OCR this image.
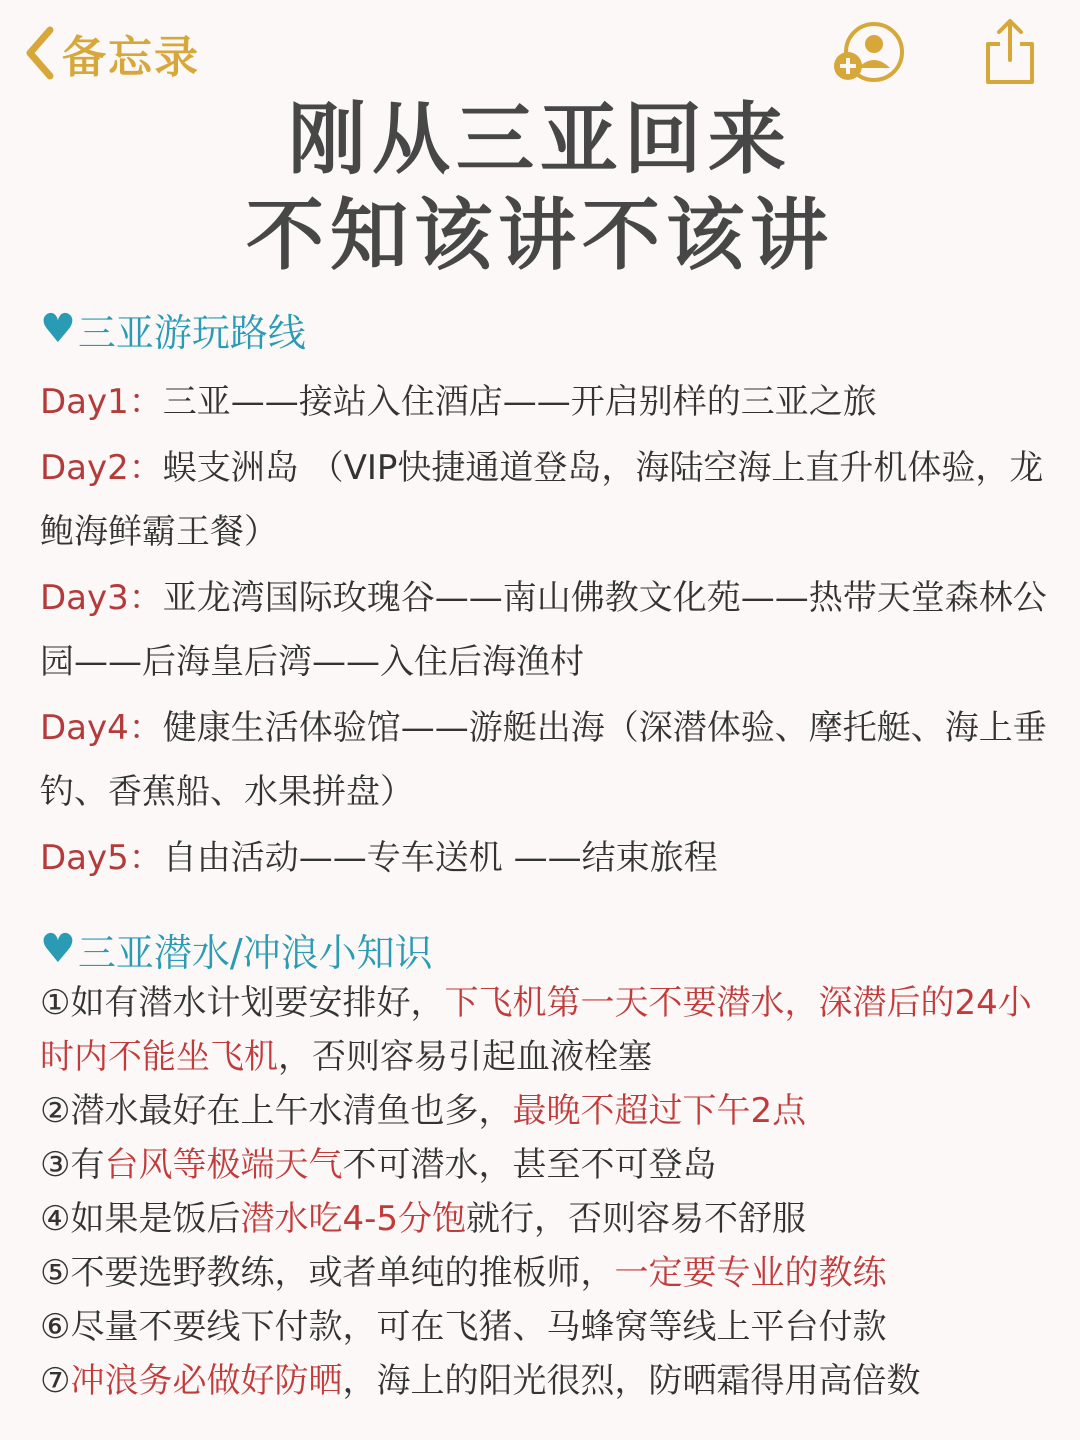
备忘录
刚从三亚回来
不知该讲不该讲
♥ 三亚游玩路线

Day1：三亚——接站入住酒店——开启别样的三亚之旅

Day2：蜈支洲岛 （VIP快捷通道登岛，海陆空海上直升机体验，龙鲍海鲜霸王餐）

Day3：亚龙湾国际玫瑰谷——南山佛教文化苑——热带天堂森林公园——后海皇后湾——入住后海渔村

Day4：健康生活体验馆——游艇出海（深潜体验、摩托艇、海上垂钓、香蕉船、水果拼盘）

Day5：自由活动——专车送机 ——结束旅程

♥ 三亚潜水/冲浪小知识
①如有潜水计划要安排好，下飞机第一天不要潜水，深潜后的24小时内不能坐飞机，否则容易引起血液栓塞
②潜水最好在上午水清鱼也多，最晚不超过下午2点
③有台风等极端天气不可潜水，甚至不可登岛
④如果是饭后潜水吃4-5分饱就行，否则容易不舒服
⑤不要选野教练，或者单纯的推板师，一定要专业的教练
⑥尽量不要线下付款，可在飞猪、马蜂窝等线上平台付款
⑦冲浪务必做好防晒，海上的阳光很烈，防晒霜得用高倍数
